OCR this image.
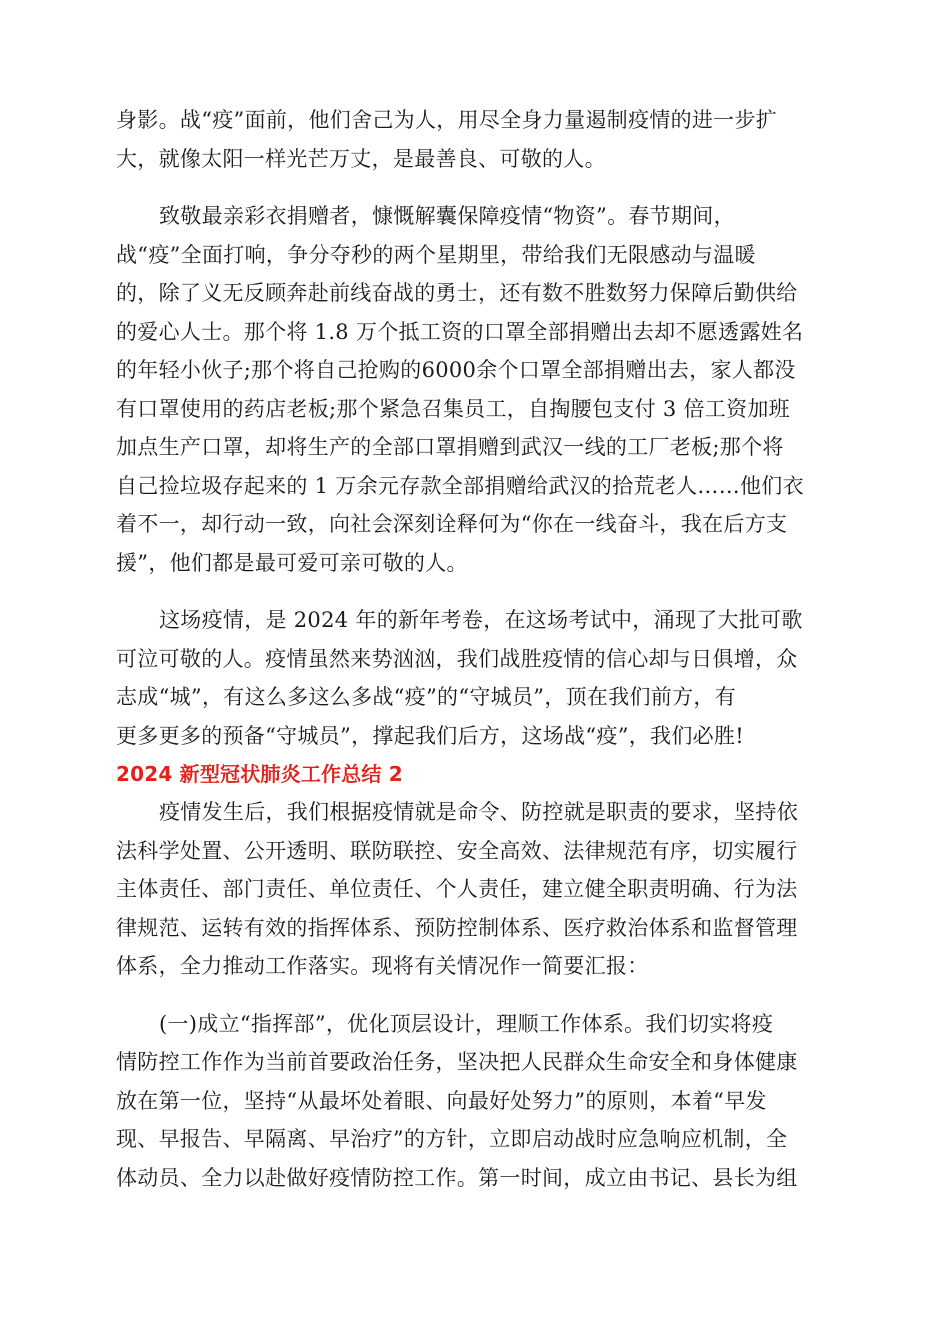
身影。战“疫”面前，他们舍己为人，用尽全身力量遏制疫情的进一步扩
大，就像太阳一样光芒万丈，是最善良、可敬的人。
致敬最亲彩衣捐赠者，慷慨解囊保障疫情“物资”。春节期间，
战“疫”全面打响，争分夺秒的两个星期里，带给我们无限感动与温暖
的，除了义无反顾奔赴前线奋战的勇士，还有数不胜数努力保障后勤供给
的爱心人士。那个将 1.8 万个抵工资的口罩全部捐赠出去却不愿透露姓名
的年轻小伙子;那个将自己抢购的6000余个口罩全部捐赠出去，家人都没
有口罩使用的药店老板;那个紧急召集员工，自掏腰包支付 3 倍工资加班
加点生产口罩，却将生产的全部口罩捐赠到武汉一线的工厂老板;那个将
自己捡垃圾存起来的 1 万余元存款全部捐赠给武汉的拾荒老人……他们衣
着不一，却行动一致，向社会深刻诠释何为“你在一线奋斗，我在后方支
援”，他们都是最可爱可亲可敬的人。
这场疫情，是 2024 年的新年考卷，在这场考试中，涌现了大批可歌
可泣可敬的人。疫情虽然来势汹汹，我们战胜疫情的信心却与日俱增，众
志成“城”，有这么多这么多战“疫”的“守城员”，顶在我们前方，有
更多更多的预备“守城员”，撑起我们后方，这场战“疫”，我们必胜!
2024 新型冠状肺炎工作总结 2
疫情发生后，我们根据疫情就是命令、防控就是职责的要求，坚持依
法科学处置、公开透明、联防联控、安全高效、法律规范有序，切实履行
主体责任、部门责任、单位责任、个人责任，建立健全职责明确、行为法
律规范、运转有效的指挥体系、预防控制体系、医疗救治体系和监督管理
体系，全力推动工作落实。现将有关情况作一简要汇报：
(一)成立“指挥部”，优化顶层设计，理顺工作体系。我们切实将疫
情防控工作作为当前首要政治任务，坚决把人民群众生命安全和身体健康
放在第一位，坚持“从最坏处着眼、向最好处努力”的原则，本着“早发
现、早报告、早隔离、早治疗”的方针，立即启动战时应急响应机制，全
体动员、全力以赴做好疫情防控工作。第一时间，成立由书记、县长为组
